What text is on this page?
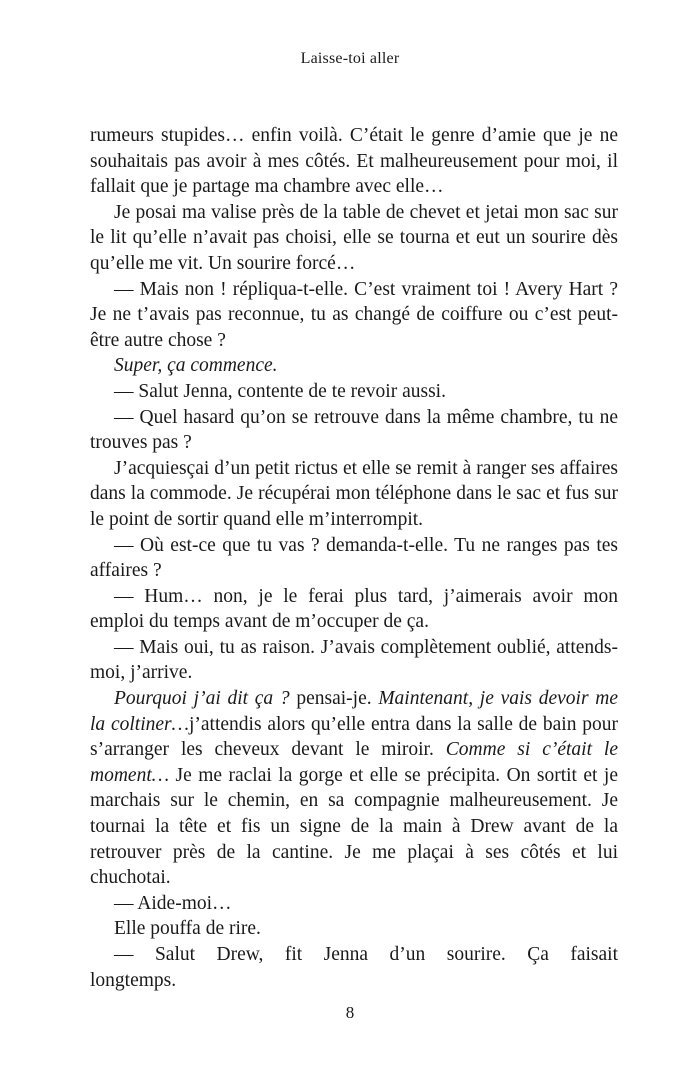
Laisse-toi aller

rumeurs stupides… enfin voilà. C’était le genre d’amie que je ne souhaitais pas avoir à mes côtés. Et malheureusement pour moi, il fallait que je partage ma chambre avec elle…

Je posai ma valise près de la table de chevet et jetai mon sac sur le lit qu’elle n’avait pas choisi, elle se tourna et eut un sourire dès qu’elle me vit. Un sourire forcé…

— Mais non ! répliqua-t-elle. C’est vraiment toi ! Avery Hart ? Je ne t’avais pas reconnue, tu as changé de coiffure ou c’est peut-être autre chose ?

Super, ça commence.

— Salut Jenna, contente de te revoir aussi.

— Quel hasard qu’on se retrouve dans la même chambre, tu ne trouves pas ?

J’acquiesçai d’un petit rictus et elle se remit à ranger ses affaires dans la commode. Je récupérai mon téléphone dans le sac et fus sur le point de sortir quand elle m’interrompit.

— Où est-ce que tu vas ? demanda-t-elle. Tu ne ranges pas tes affaires ?

— Hum… non, je le ferai plus tard, j’aimerais avoir mon emploi du temps avant de m’occuper de ça.

— Mais oui, tu as raison. J’avais complètement oublié, attends-moi, j’arrive.

Pourquoi j’ai dit ça ? pensai-je. Maintenant, je vais devoir me la coltiner…j’attendis alors qu’elle entra dans la salle de bain pour s’arranger les cheveux devant le miroir. Comme si c’était le moment… Je me raclai la gorge et elle se précipita. On sortit et je marchais sur le chemin, en sa compagnie malheureusement. Je tournai la tête et fis un signe de la main à Drew avant de la retrouver près de la cantine. Je me plaçai à ses côtés et lui chuchotai.

— Aide-moi…

Elle pouffa de rire.

— Salut Drew, fit Jenna d’un sourire. Ça faisait

longtemps.

8
